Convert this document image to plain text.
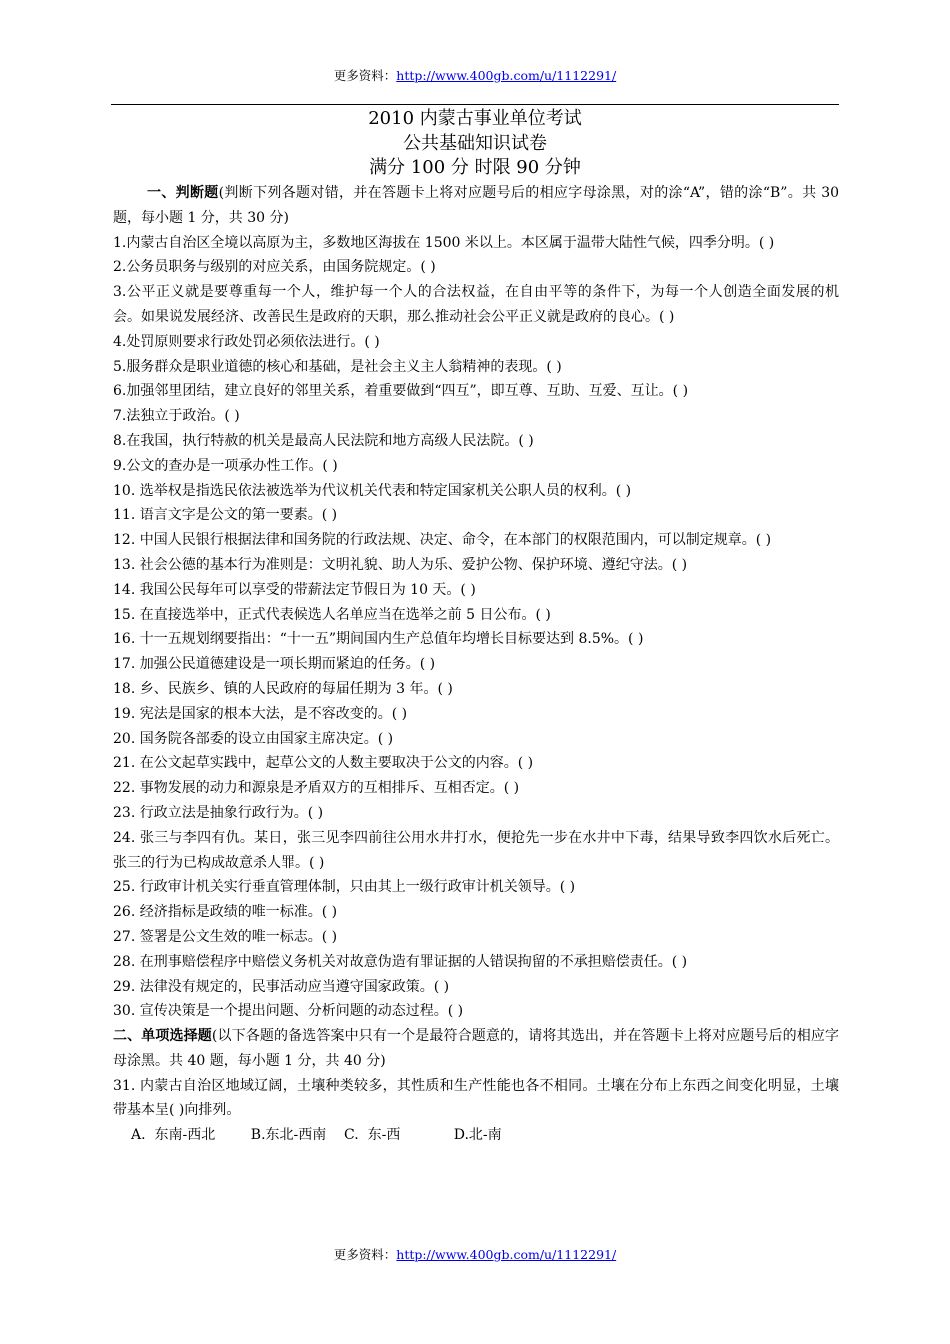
更多资料：http://www.400gb.com/u/1112291/
2010 内蒙古事业单位考试
公共基础知识试卷
满分 100 分 时限 90 分钟

一、判断题(判断下列各题对错，并在答题卡上将对应题号后的相应字母涂黑，对的涂“A”，错的涂“B”。共 30 题，每小题 1 分，共 30 分)

1.内蒙古自治区全境以高原为主，多数地区海拔在 1500 米以上。本区属于温带大陆性气候，四季分明。( )

2.公务员职务与级别的对应关系，由国务院规定。( )

3.公平正义就是要尊重每一个人，维护每一个人的合法权益，在自由平等的条件下，为每一个人创造全面发展的机会。如果说发展经济、改善民生是政府的天职，那么推动社会公平正义就是政府的良心。( )

4.处罚原则要求行政处罚必须依法进行。( )

5.服务群众是职业道德的核心和基础，是社会主义主人翁精神的表现。( )

6.加强邻里团结，建立良好的邻里关系，着重要做到“四互”，即互尊、互助、互爱、互让。( )

7.法独立于政治。( )

8.在我国，执行特赦的机关是最高人民法院和地方高级人民法院。( )

9.公文的查办是一项承办性工作。( )

10. 选举权是指选民依法被选举为代议机关代表和特定国家机关公职人员的权利。( )

11. 语言文字是公文的第一要素。( )

12. 中国人民银行根据法律和国务院的行政法规、决定、命令，在本部门的权限范围内，可以制定规章。( )

13. 社会公德的基本行为准则是：文明礼貌、助人为乐、爱护公物、保护环境、遵纪守法。( )

14. 我国公民每年可以享受的带薪法定节假日为 10 天。( )

15. 在直接选举中，正式代表候选人名单应当在选举之前 5 日公布。( )

16. 十一五规划纲要指出：“十一五”期间国内生产总值年均增长目标要达到 8.5%。( )

17. 加强公民道德建设是一项长期而紧迫的任务。( )

18. 乡、民族乡、镇的人民政府的每届任期为 3 年。( )

19. 宪法是国家的根本大法，是不容改变的。( )

20. 国务院各部委的设立由国家主席决定。( )

21. 在公文起草实践中，起草公文的人数主要取决于公文的内容。( )

22. 事物发展的动力和源泉是矛盾双方的互相排斥、互相否定。( )

23. 行政立法是抽象行政行为。( )

24. 张三与李四有仇。某日，张三见李四前往公用水井打水，便抢先一步在水井中下毒，结果导致李四饮水后死亡。张三的行为已构成故意杀人罪。( )

25. 行政审计机关实行垂直管理体制，只由其上一级行政审计机关领导。( )

26. 经济指标是政绩的唯一标准。( )

27. 签署是公文生效的唯一标志。( )

28. 在刑事赔偿程序中赔偿义务机关对故意伪造有罪证据的人错误拘留的不承担赔偿责任。( )

29. 法律没有规定的，民事活动应当遵守国家政策。( )

30. 宣传决策是一个提出问题、分析问题的动态过程。( )

二、单项选择题(以下各题的备选答案中只有一个是最符合题意的，请将其选出，并在答题卡上将对应题号后的相应字母涂黑。共 40 题，每小题 1 分，共 40 分)

31. 内蒙古自治区地域辽阔，土壤种类较多，其性质和生产性能也各不相同。土壤在分布上东西之间变化明显，土壤带基本呈( )向排列。

A.  东南-西北        B.东北-西南    C.  东-西            D.北-南

更多资料：http://www.400gb.com/u/1112291/
